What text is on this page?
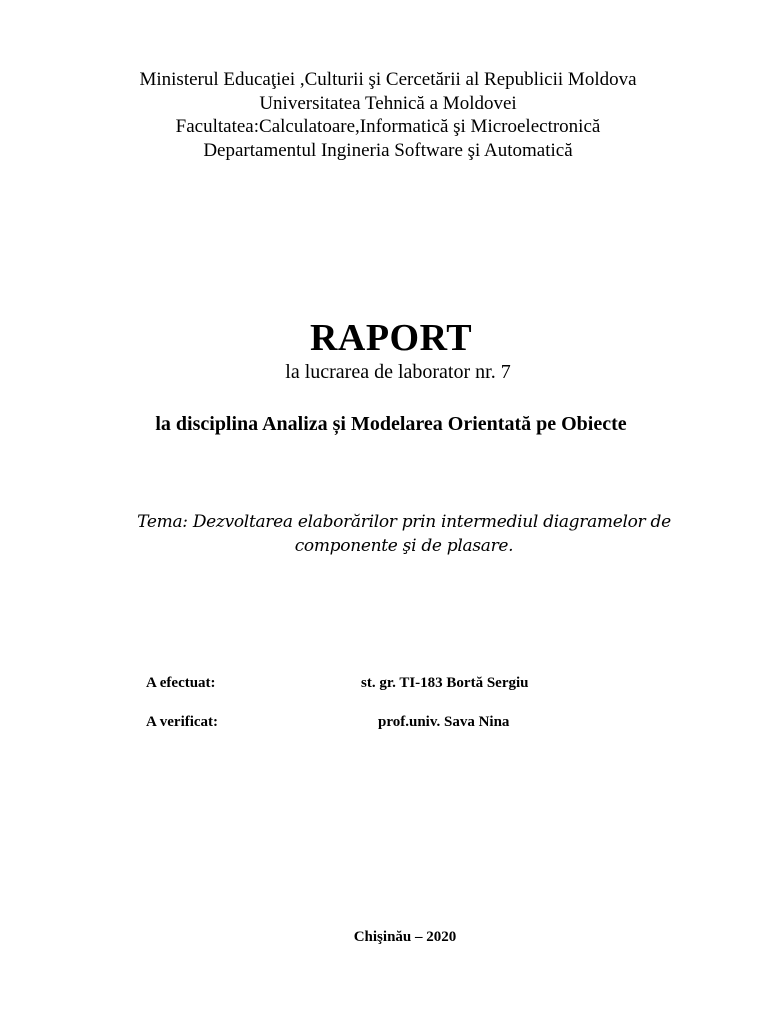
Ministerul Educaţiei ,Culturii şi Cercetării al Republicii Moldova
Universitatea Tehnică a Moldovei
Facultatea:Calculatoare,Informatică şi Microelectronică
Departamentul Ingineria Software şi Automatică
RAPORT
la lucrarea de laborator nr. 7
la disciplina Analiza și Modelarea Orientată pe Obiecte
Tema: Dezvoltarea elaborărilor prin intermediul diagramelor de
componente şi de plasare.
A efectuat:	st. gr. TI-183 Bortă Sergiu
A verificat:	prof.univ. Sava Nina
Chişinău – 2020
